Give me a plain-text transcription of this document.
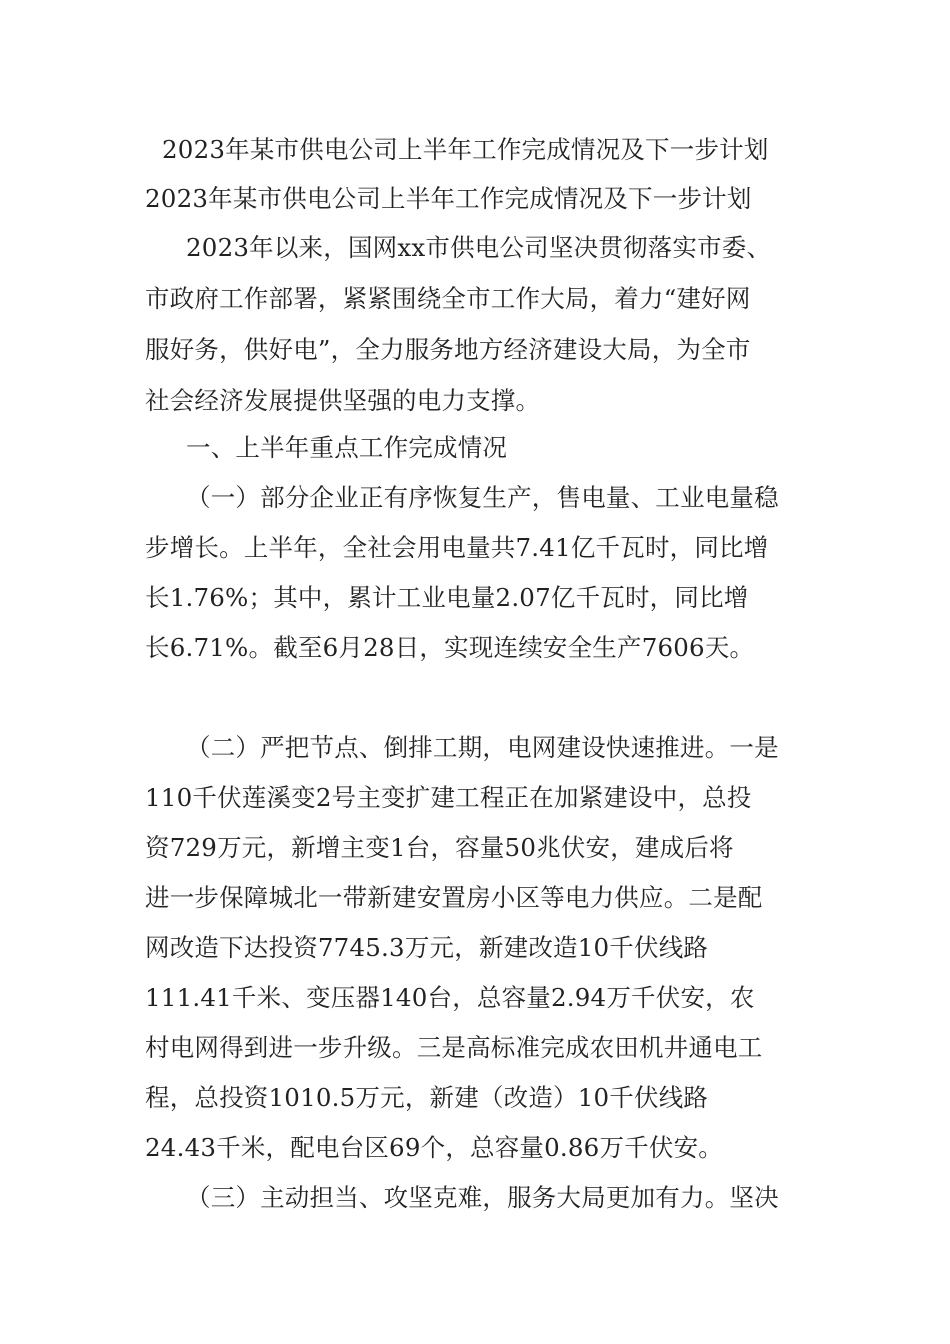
2023年某市供电公司上半年工作完成情况及下一步计划
2023年某市供电公司上半年工作完成情况及下一步计划
2023年以来，国网xx市供电公司坚决贯彻落实市委、
市政府工作部署，紧紧围绕全市工作大局，着力“建好网
服好务，供好电”，全力服务地方经济建设大局，为全市
社会经济发展提供坚强的电力支撑。
一、上半年重点工作完成情况
（一）部分企业正有序恢复生产，售电量、工业电量稳
步增长。上半年，全社会用电量共7.41亿千瓦时，同比增
长1.76%；其中，累计工业电量2.07亿千瓦时，同比增
长6.71%。截至6月28日，实现连续安全生产7606天。
（二）严把节点、倒排工期，电网建设快速推进。一是
110千伏莲溪变2号主变扩建工程正在加紧建设中，总投
资729万元，新增主变1台，容量50兆伏安，建成后将
进一步保障城北一带新建安置房小区等电力供应。二是配
网改造下达投资7745.3万元，新建改造10千伏线路
111.41千米、变压器140台，总容量2.94万千伏安，农
村电网得到进一步升级。三是高标准完成农田机井通电工
程，总投资1010.5万元，新建（改造）10千伏线路
24.43千米，配电台区69个，总容量0.86万千伏安。
（三）主动担当、攻坚克难，服务大局更加有力。坚决
